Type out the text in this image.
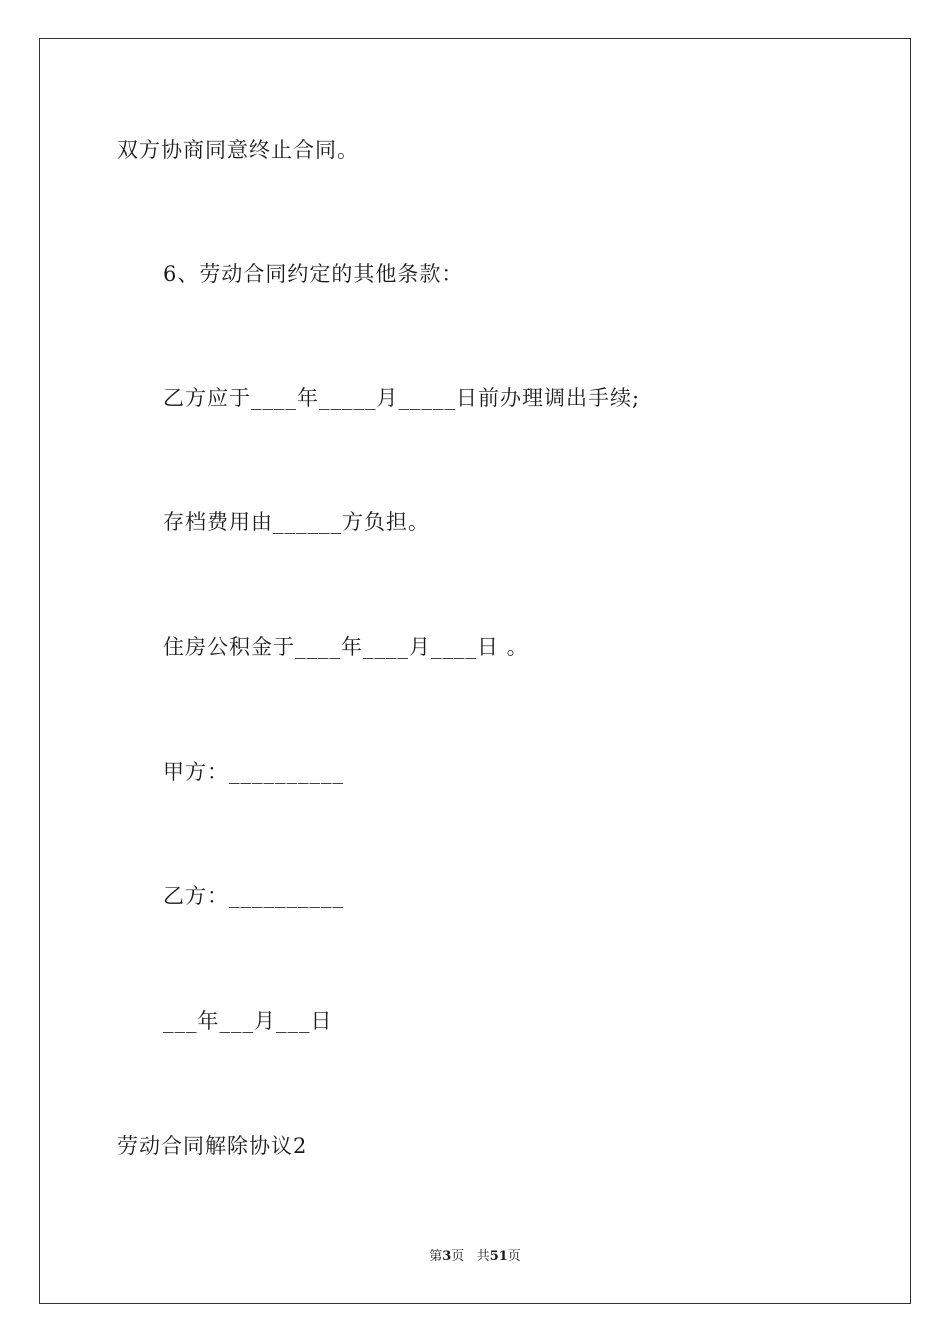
双方协商同意终止合同。
6、劳动合同约定的其他条款：
乙方应于____年_____月_____日前办理调出手续;
存档费用由______方负担。
住房公积金于____年____月____日 。
甲方：__________
乙方：__________
___年___月___日
劳动合同解除协议2
第3页 共51页
